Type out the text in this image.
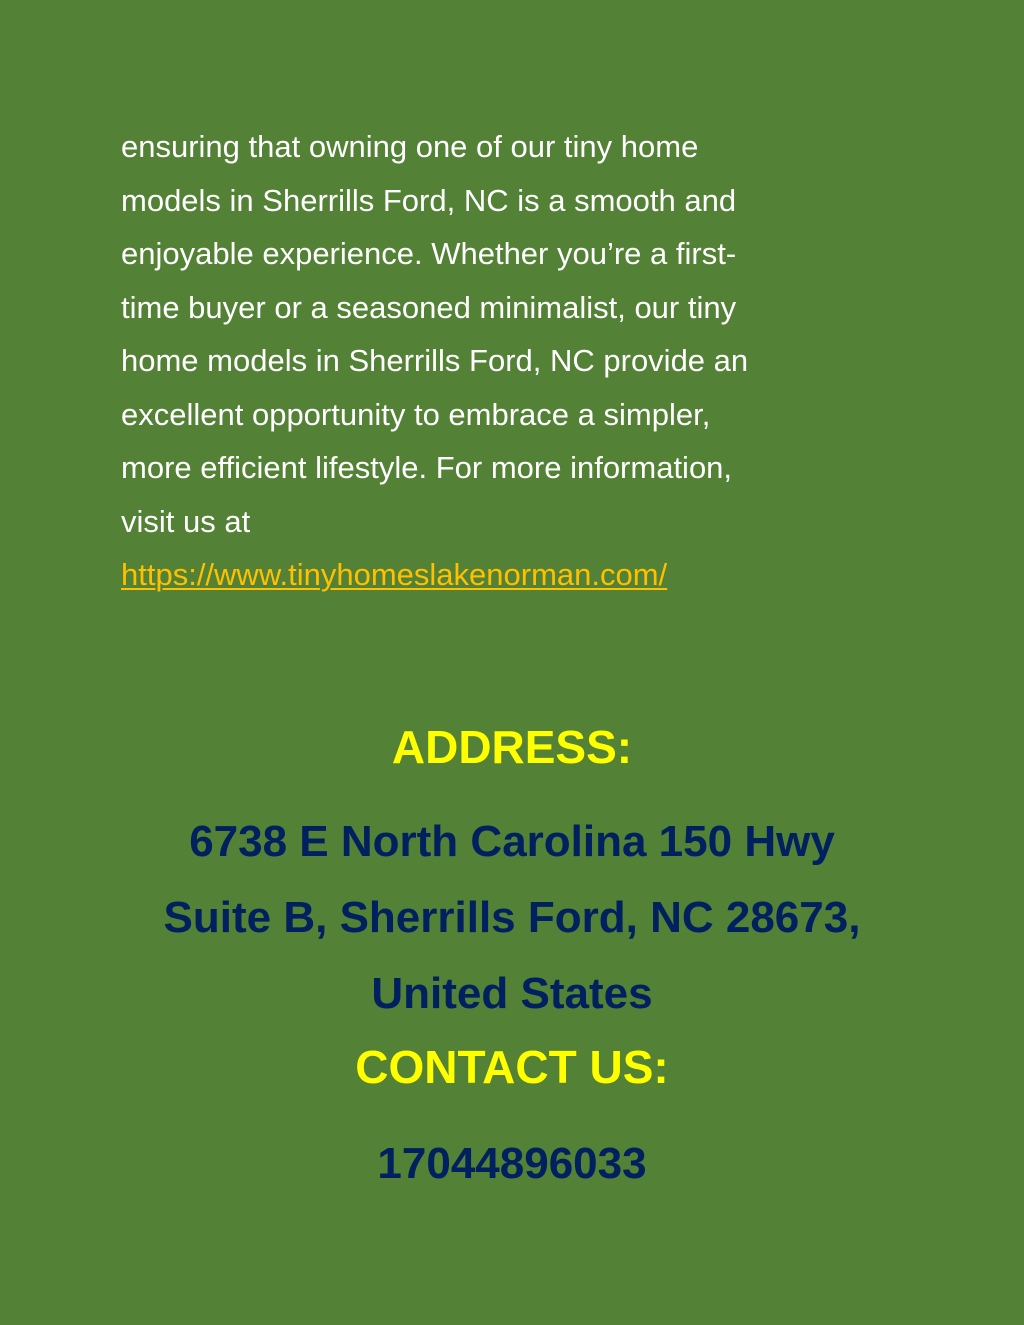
ensuring that owning one of our tiny home
models in Sherrills Ford, NC is a smooth and
enjoyable experience. Whether you’re a first-
time buyer or a seasoned minimalist, our tiny
home models in Sherrills Ford, NC provide an
excellent opportunity to embrace a simpler,
more efficient lifestyle. For more information,
visit us at
https://www.tinyhomeslakenorman.com/
ADDRESS:
6738 E North Carolina 150 Hwy
Suite B, Sherrills Ford, NC 28673,
United States
CONTACT US:
17044896033
